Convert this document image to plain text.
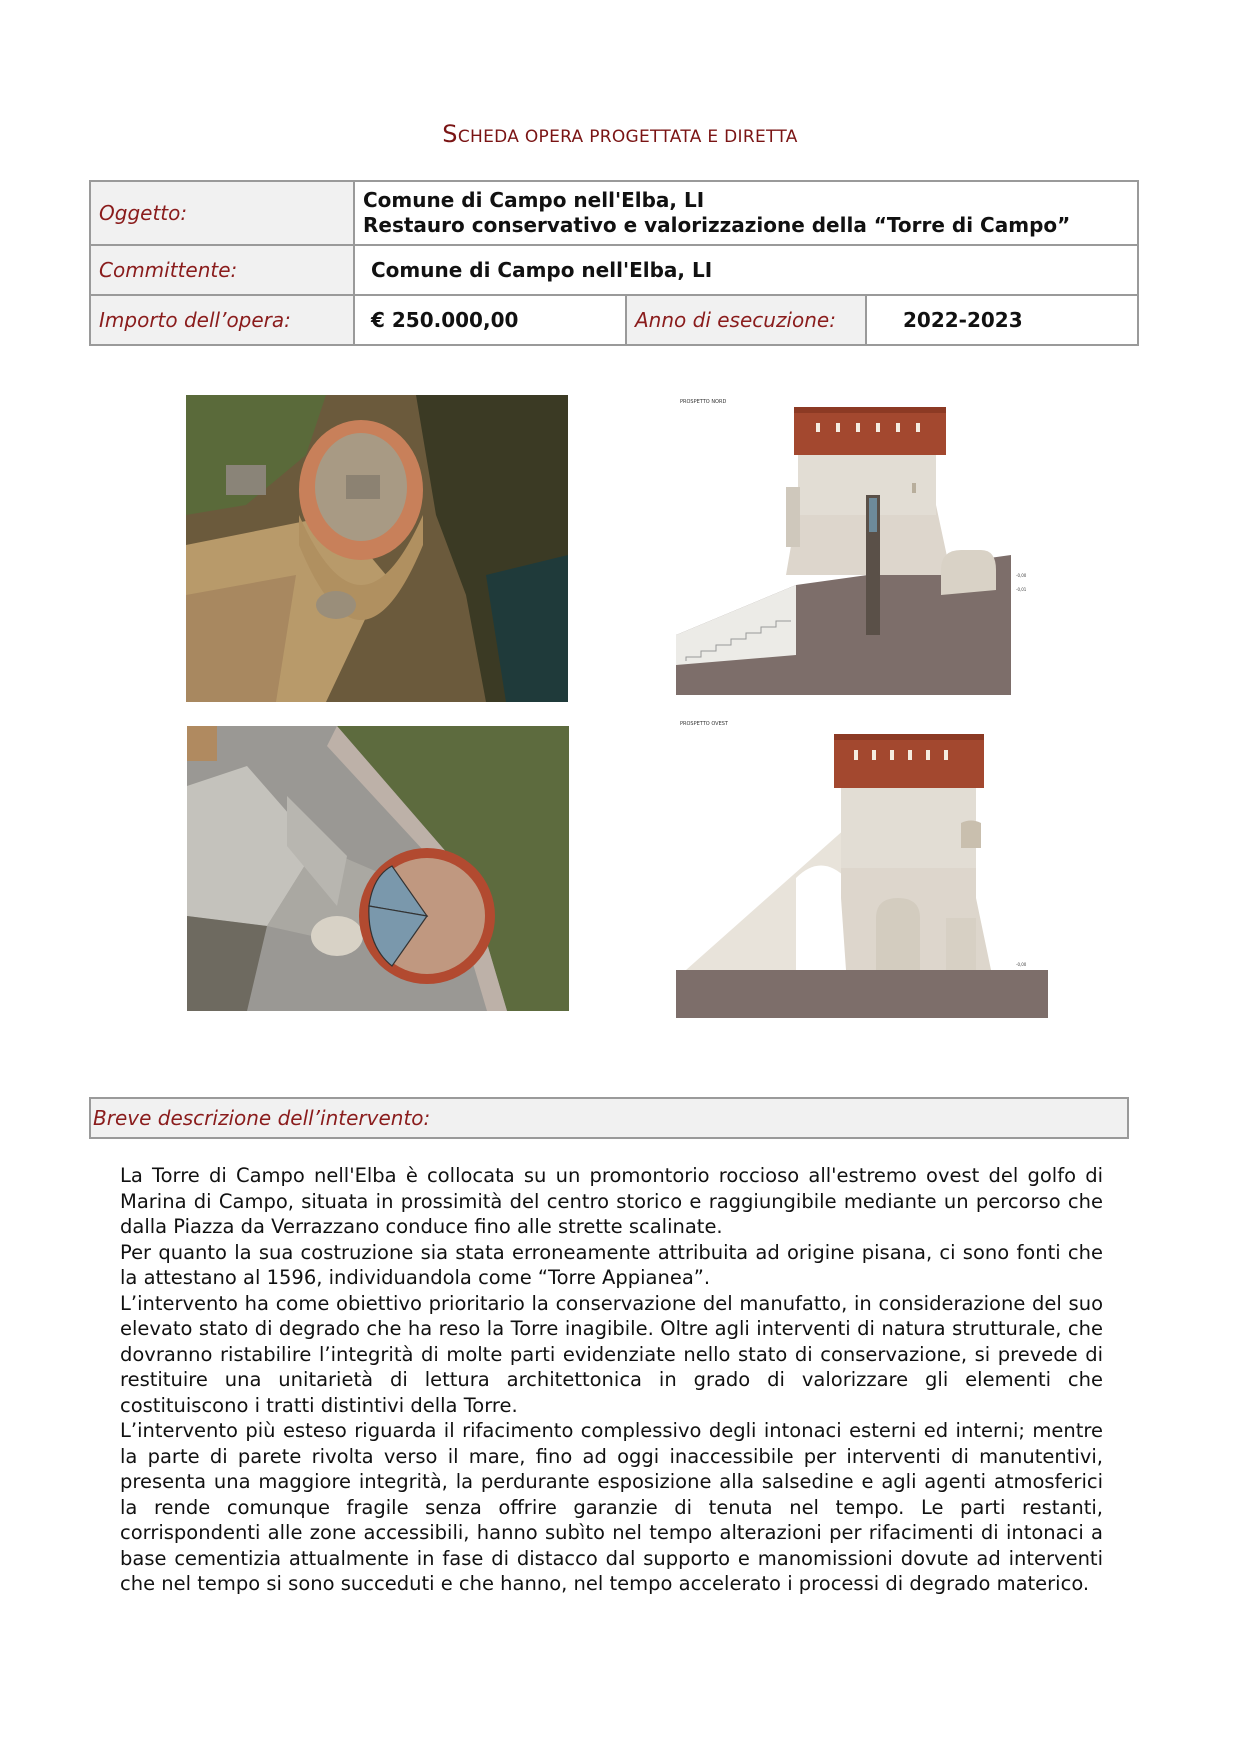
SCHEDA OPERA PROGETTATA E DIRETTA
Oggetto:	Comune di Campo nell'Elba, LI
Restauro conservativo e valorizzazione della “Torre di Campo”		

Committente:	Comune di Campo nell'Elba, LI		
Importo dell’opera:	€ 250.000,00	Anno di esecuzione:	2022-2023
PROSPETTO NORD
-0,00
-0,01
PROSPETTO OVEST
-0,00
Breve descrizione dell’intervento:

La Torre di Campo nell'Elba è collocata su un promontorio roccioso all'estremo ovest del golfo di Marina di Campo, situata in prossimità del centro storico e raggiungibile mediante un percorso che dalla Piazza da Verrazzano conduce fino alle strette scalinate.

Per quanto la sua costruzione sia stata erroneamente attribuita ad origine pisana, ci sono fonti che la attestano al 1596, individuandola come “Torre Appianea”.

L’intervento ha come obiettivo prioritario la conservazione del manufatto, in considerazione del suo elevato stato di degrado che ha reso la Torre inagibile. Oltre agli interventi di natura strutturale, che dovranno ristabilire l’integrità di molte parti evidenziate nello stato di conservazione, si prevede di restituire una unitarietà di lettura architettonica in grado di valorizzare gli elementi che costituiscono i tratti distintivi della Torre.

L’intervento più esteso riguarda il rifacimento complessivo degli intonaci esterni ed interni; mentre la parte di parete rivolta verso il mare, fino ad oggi inaccessibile per interventi di manutentivi, presenta una maggiore integrità, la perdurante esposizione alla salsedine e agli agenti atmosferici la rende comunque fragile senza offrire garanzie di tenuta nel tempo. Le parti restanti, corrispondenti alle zone accessibili, hanno subìto nel tempo alterazioni per rifacimenti di intonaci a base cementizia attualmente in fase di distacco dal supporto e manomissioni dovute ad interventi che nel tempo si sono succeduti e che hanno, nel tempo accelerato i processi di degrado materico.
